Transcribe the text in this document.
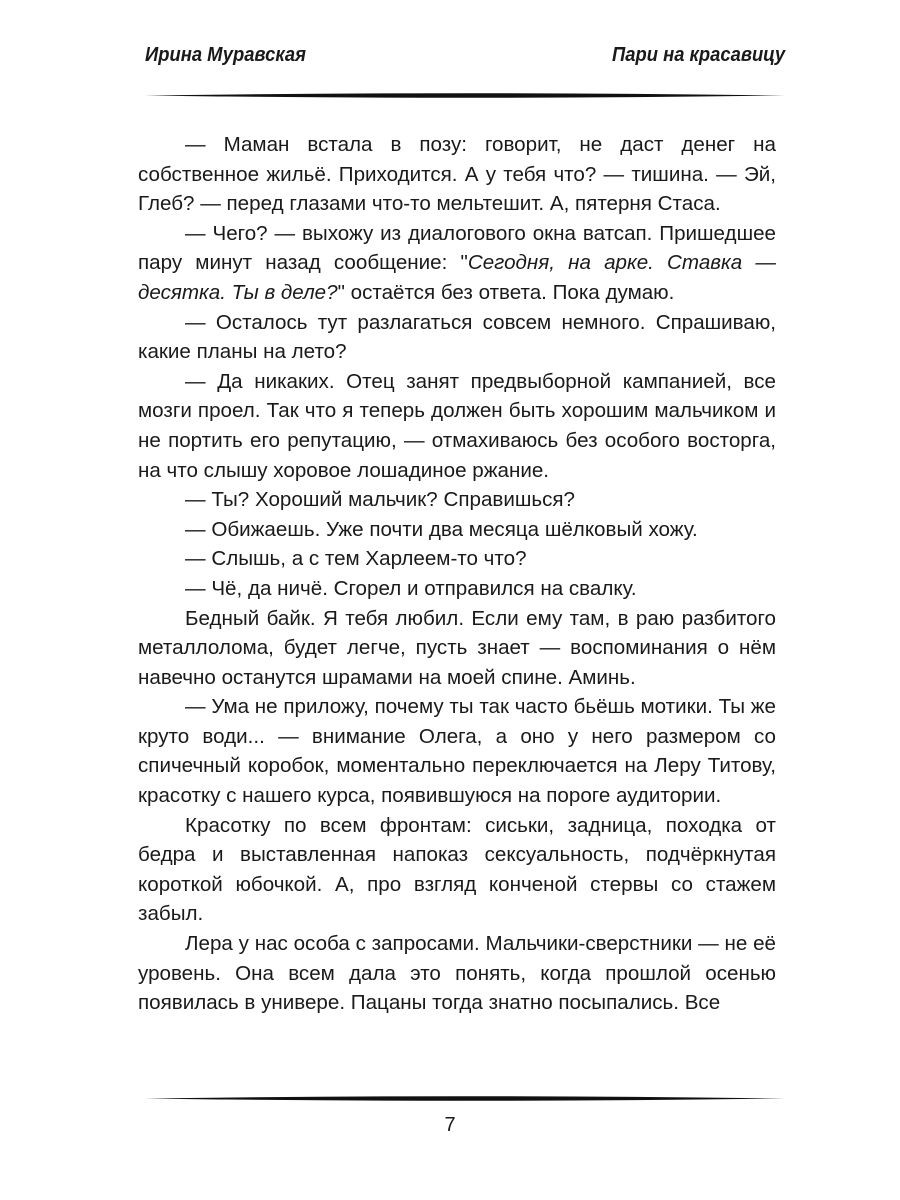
Ирина Муравская	Пари на красавицу

— Маман встала в позу: говорит, не даст денег на собственное жильё. Приходится. А у тебя что? — тишина. — Эй, Глеб? — перед глазами что-то мельтешит. А, пятерня Стаса.

— Чего? — выхожу из диалогового окна ватсап. Пришедшее пару минут назад сообщение: "Сегодня, на арке. Ставка — десятка. Ты в деле?" остаётся без ответа. Пока думаю.

— Осталось тут разлагаться совсем немного. Спрашиваю, какие планы на лето?

— Да никаких. Отец занят предвыборной кампанией, все мозги проел. Так что я теперь должен быть хорошим мальчиком и не портить его репутацию, — отмахиваюсь без особого восторга, на что слышу хоровое лошадиное ржание.

— Ты? Хороший мальчик? Справишься?

— Обижаешь. Уже почти два месяца шёлковый хожу.

— Слышь, а с тем Харлеем-то что?

— Чё, да ничё. Сгорел и отправился на свалку.

Бедный байк. Я тебя любил. Если ему там, в раю разбитого металлолома, будет легче, пусть знает — воспоминания о нём навечно останутся шрамами на моей спине. Аминь.

— Ума не приложу, почему ты так часто бьёшь мотики. Ты же круто води... — внимание Олега, а оно у него размером со спичечный коробок, моментально переключается на Леру Титову, красотку с нашего курса, появившуюся на пороге аудитории.

Красотку по всем фронтам: сиськи, задница, походка от бедра и выставленная напоказ сексуальность, подчёркнутая короткой юбочкой. А, про взгляд конченой стервы со стажем забыл.

Лера у нас особа с запросами. Мальчики-сверстники — не её уровень. Она всем дала это понять, когда прошлой осенью появилась в универе. Пацаны тогда знатно посыпались. Все

7
